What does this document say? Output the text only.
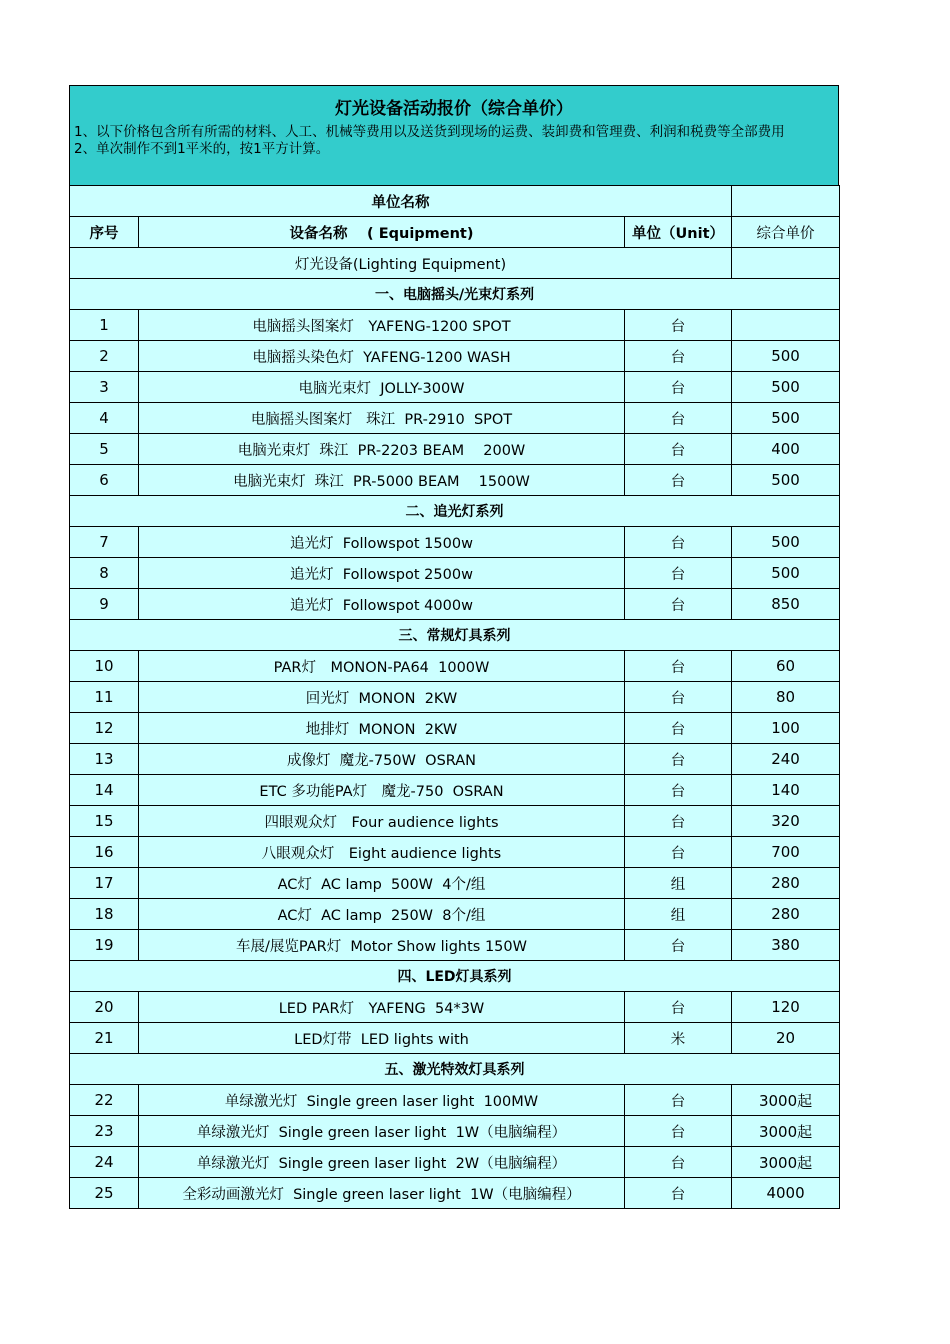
灯光设备活动报价（综合单价）
1、以下价格包含所有所需的材料、人工、机械等费用以及送货到现场的运费、装卸费和管理费、利润和税费等全部费用
2、单次制作不到1平米的，按1平方计算。
单位名称			
序号	设备名称　 ( Equipment)	单位（Unit）	综合单价
灯光设备(Lighting Equipment)			
一、电脑摇头/光束灯系列			
1	电脑摇头图案灯　YAFENG-1200 SPOT	台	
2	电脑摇头染色灯  YAFENG-1200 WASH	台	500
3	电脑光束灯  JOLLY-300W	台	500
4	电脑摇头图案灯   珠江  PR-2910  SPOT	台	500
5	电脑光束灯  珠江  PR-2203 BEAM　 200W	台	400
6	电脑光束灯  珠江  PR-5000 BEAM　 1500W	台	500
二、追光灯系列			
7	追光灯  Followspot 1500w	台	500
8	追光灯  Followspot 2500w	台	500
9	追光灯  Followspot 4000w	台	850
三、常规灯具系列			
10	PAR灯　MONON-PA64  1000W	台	60
11	回光灯  MONON  2KW	台	80
12	地排灯  MONON  2KW	台	100
13	成像灯  魔龙-750W  OSRAN	台	240
14	ETC 多功能PA灯　魔龙-750  OSRAN	台	140
15	四眼观众灯　Four audience lights	台	320
16	八眼观众灯　Eight audience lights	台	700
17	AC灯  AC lamp  500W  4个/组	组	280
18	AC灯  AC lamp  250W  8个/组	组	280
19	车展/展览PAR灯  Motor Show lights 150W	台	380
四、LED灯具系列			
20	LED PAR灯　YAFENG  54*3W	台	120
21	LED灯带  LED lights with	米	20
五、激光特效灯具系列			
22	单绿激光灯  Single green laser light  100MW	台	3000起
23	单绿激光灯  Single green laser light  1W（电脑编程）	台	3000起
24	单绿激光灯  Single green laser light  2W（电脑编程）	台	3000起
25	全彩动画激光灯  Single green laser light  1W（电脑编程）	台	4000
